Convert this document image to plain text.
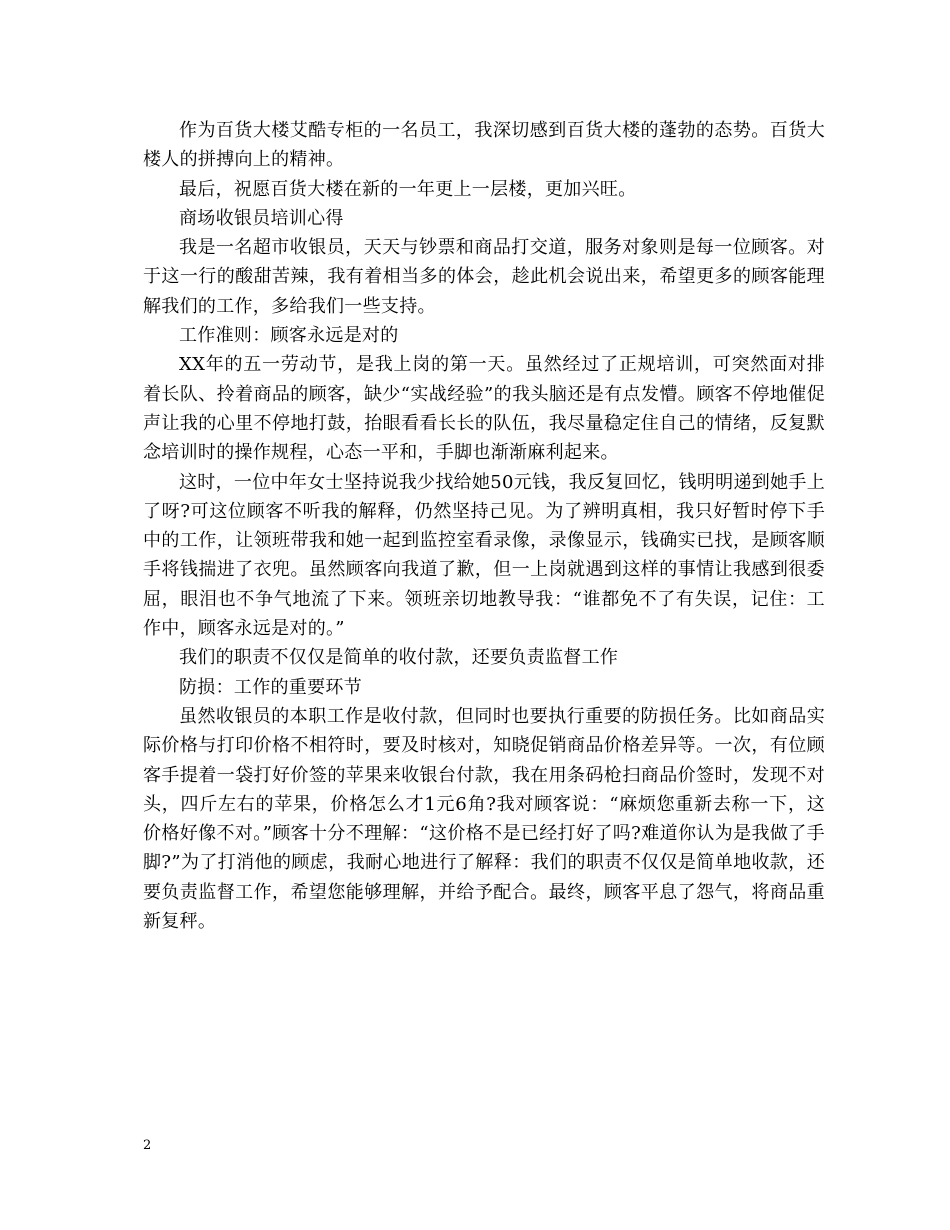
作为百货大楼艾酷专柜的一名员工，我深切感到百货大楼的蓬勃的态势。百货大楼人的拼搏向上的精神。

最后，祝愿百货大楼在新的一年更上一层楼，更加兴旺。

商场收银员培训心得

我是一名超市收银员，天天与钞票和商品打交道，服务对象则是每一位顾客。对于这一行的酸甜苦辣，我有着相当多的体会，趁此机会说出来，希望更多的顾客能理解我们的工作，多给我们一些支持。

工作准则：顾客永远是对的

XX年的五一劳动节，是我上岗的第一天。虽然经过了正规培训，可突然面对排着长队、拎着商品的顾客，缺少“实战经验”的我头脑还是有点发懵。顾客不停地催促声让我的心里不停地打鼓，抬眼看看长长的队伍，我尽量稳定住自己的情绪，反复默念培训时的操作规程，心态一平和，手脚也渐渐麻利起来。

这时，一位中年女士坚持说我少找给她50元钱，我反复回忆，钱明明递到她手上了呀?可这位顾客不听我的解释，仍然坚持己见。为了辨明真相，我只好暂时停下手中的工作，让领班带我和她一起到监控室看录像，录像显示，钱确实已找，是顾客顺手将钱揣进了衣兜。虽然顾客向我道了歉，但一上岗就遇到这样的事情让我感到很委屈，眼泪也不争气地流了下来。领班亲切地教导我：“谁都免不了有失误，记住：工作中，顾客永远是对的。”

我们的职责不仅仅是简单的收付款，还要负责监督工作

防损：工作的重要环节

虽然收银员的本职工作是收付款，但同时也要执行重要的防损任务。比如商品实际价格与打印价格不相符时，要及时核对，知晓促销商品价格差异等。一次，有位顾客手提着一袋打好价签的苹果来收银台付款，我在用条码枪扫商品价签时，发现不对头，四斤左右的苹果，价格怎么才1元6角?我对顾客说：“麻烦您重新去称一下，这价格好像不对。”顾客十分不理解：“这价格不是已经打好了吗?难道你认为是我做了手脚?”为了打消他的顾虑，我耐心地进行了解释：我们的职责不仅仅是简单地收款，还要负责监督工作，希望您能够理解，并给予配合。最终，顾客平息了怨气，将商品重新复秤。

2
